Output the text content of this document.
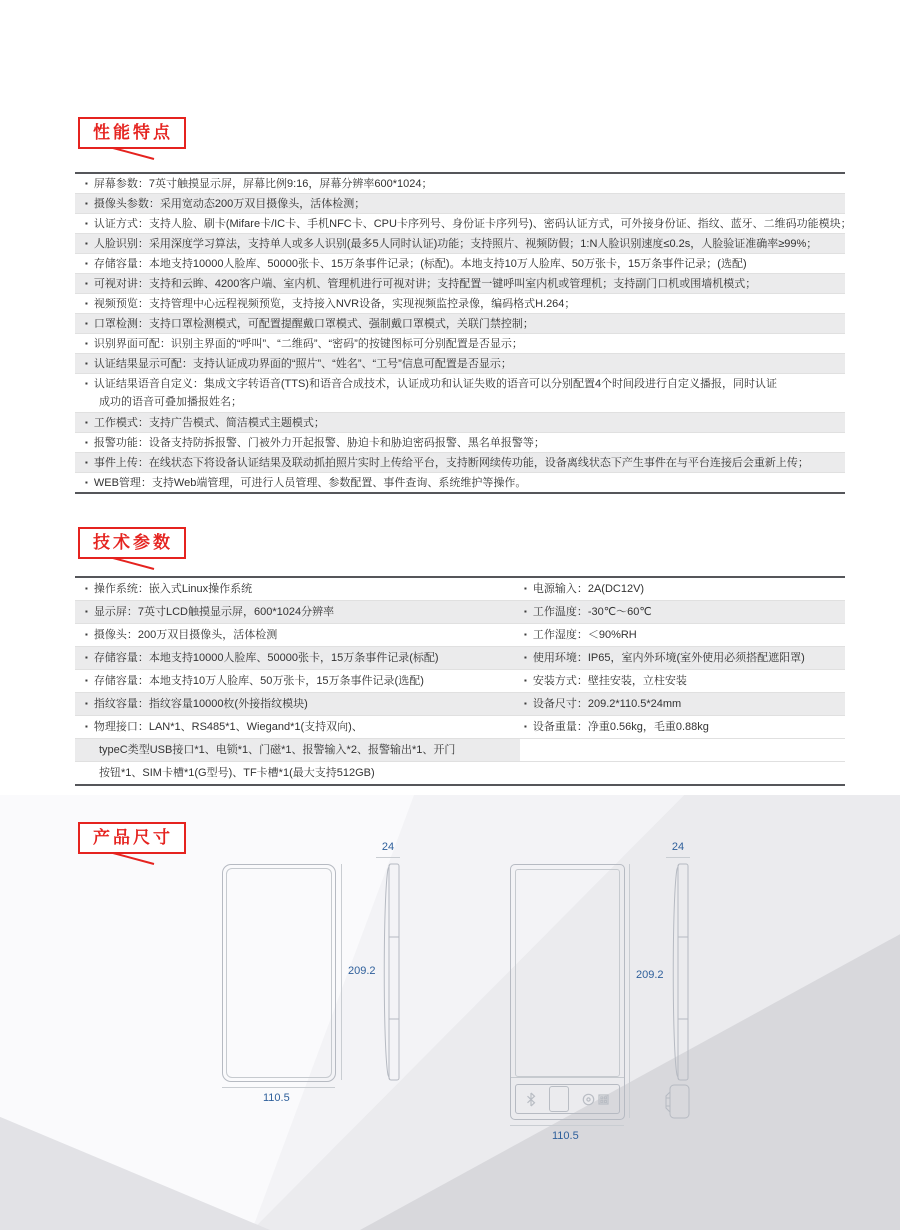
性能特点
▪ 屏幕参数：7英寸触摸显示屏，屏幕比例9:16，屏幕分辨率600*1024；
▪ 摄像头参数：采用宽动态200万双目摄像头，活体检测；
▪ 认证方式：支持人脸、刷卡(Mifare卡/IC卡、手机NFC卡、CPU卡序列号、身份证卡序列号)、密码认证方式，可外接身份证、指纹、蓝牙、二维码功能模块；
▪ 人脸识别：采用深度学习算法，支持单人或多人识别(最多5人同时认证)功能；支持照片、视频防假；1:N人脸识别速度≤0.2s，人脸验证准确率≥99%；
▪ 存储容量：本地支持10000人脸库、50000张卡、15万条事件记录；(标配)。本地支持10万人脸库、50万张卡，15万条事件记录；(选配)
▪ 可视对讲：支持和云眸、4200客户端、室内机、管理机进行可视对讲；支持配置一键呼叫室内机或管理机；支持副门口机或围墙机模式；
▪ 视频预览：支持管理中心远程视频预览，支持接入NVR设备，实现视频监控录像，编码格式H.264；
▪ 口罩检测：支持口罩检测模式，可配置提醒戴口罩模式、强制戴口罩模式，关联门禁控制；
▪ 识别界面可配：识别主界面的“呼叫”、“二维码”、“密码”的按键图标可分别配置是否显示；
▪ 认证结果显示可配：支持认证成功界面的“照片”、“姓名”、“工号”信息可配置是否显示；
▪ 认证结果语音自定义：集成文字转语音(TTS)和语音合成技术，认证成功和认证失败的语音可以分别配置4个时间段进行自定义播报，同时认证
成功的语音可叠加播报姓名；
▪ 工作模式：支持广告模式、简洁模式主题模式；
▪ 报警功能：设备支持防拆报警、门被外力开起报警、胁迫卡和胁迫密码报警、黑名单报警等；
▪ 事件上传：在线状态下将设备认证结果及联动抓拍照片实时上传给平台，支持断网续传功能，设备离线状态下产生事件在与平台连接后会重新上传；
▪ WEB管理：支持Web端管理，可进行人员管理、参数配置、事件查询、系统维护等操作。
技术参数
▪ 操作系统：嵌入式Linux操作系统	▪ 电源输入：2A(DC12V)
▪ 显示屏：7英寸LCD触摸显示屏，600*1024分辨率	▪ 工作温度：-30℃～60℃
▪ 摄像头：200万双目摄像头，活体检测	▪ 工作湿度：＜90%RH
▪ 存储容量：本地支持10000人脸库、50000张卡，15万条事件记录(标配)	▪ 使用环境：IP65，室内外环境(室外使用必须搭配遮阳罩)
▪ 存储容量：本地支持10万人脸库、50万张卡，15万条事件记录(选配)	▪ 安装方式：壁挂安装，立柱安装
▪ 指纹容量：指纹容量10000枚(外接指纹模块)	▪ 设备尺寸：209.2*110.5*24mm
▪ 物理接口：LAN*1、RS485*1、Wiegand*1(支持双向)、	▪ 设备重量：净重0.56kg，毛重0.88kg
typeC类型USB接口*1、电锁*1、门磁*1、报警输入*2、报警输出*1、开门
按钮*1、SIM卡槽*1(G型号)、TF卡槽*1(最大支持512GB)
产品尺寸
209.2
110.5
24
209.2
110.5
24
